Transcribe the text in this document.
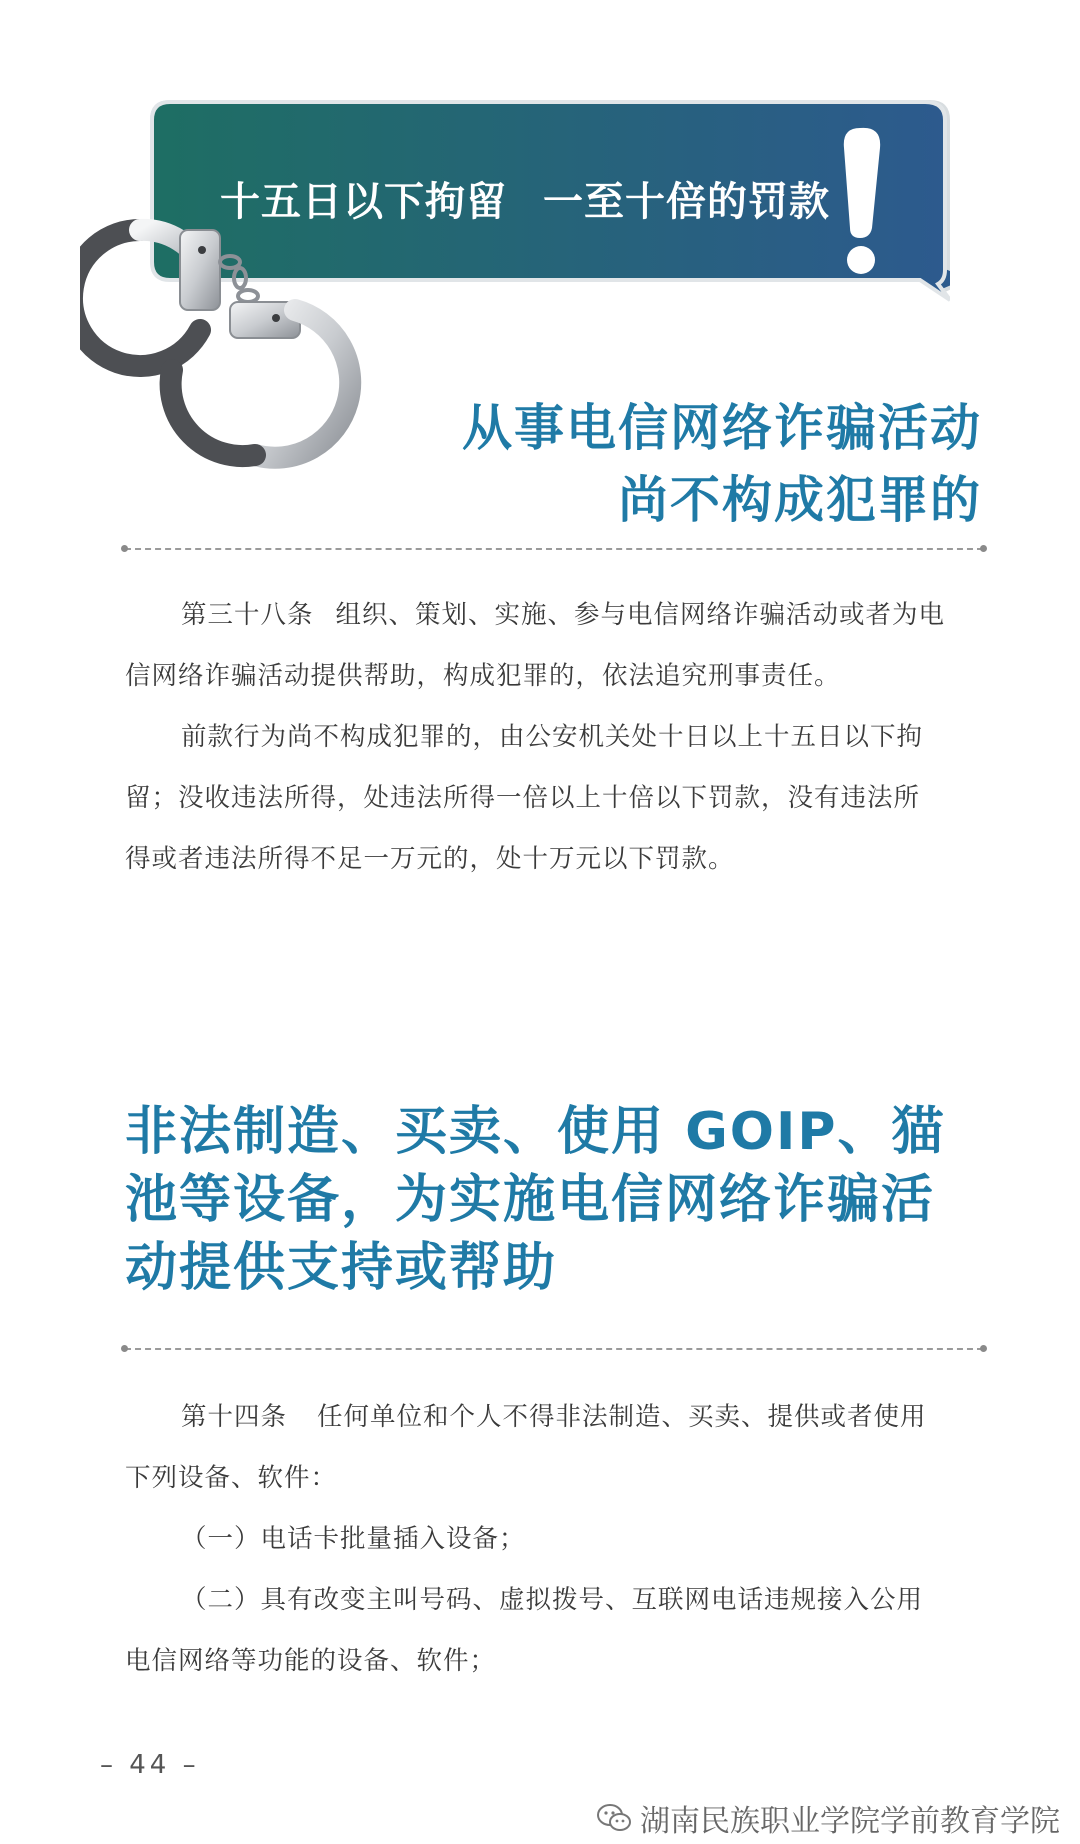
十五日以下拘留 一至十倍的罚款
从事电信网络诈骗活动
尚不构成犯罪的

第三十八条 组织、策划、实施、参与电信网络诈骗活动或者为电

信网络诈骗活动提供帮助，构成犯罪的，依法追究刑事责任。

前款行为尚不构成犯罪的，由公安机关处十日以上十五日以下拘

留；没收违法所得，处违法所得一倍以上十倍以下罚款，没有违法所

得或者违法所得不足一万元的，处十万元以下罚款。

非法制造、买卖、使用 GOIP、猫
池等设备，为实施电信网络诈骗活
动提供支持或帮助

第十四条 任何单位和个人不得非法制造、买卖、提供或者使用

下列设备、软件：

（一）电话卡批量插入设备；

（二）具有改变主叫号码、虚拟拨号、互联网电话违规接入公用

电信网络等功能的设备、软件；

– 44 –
湖南民族职业学院学前教育学院
